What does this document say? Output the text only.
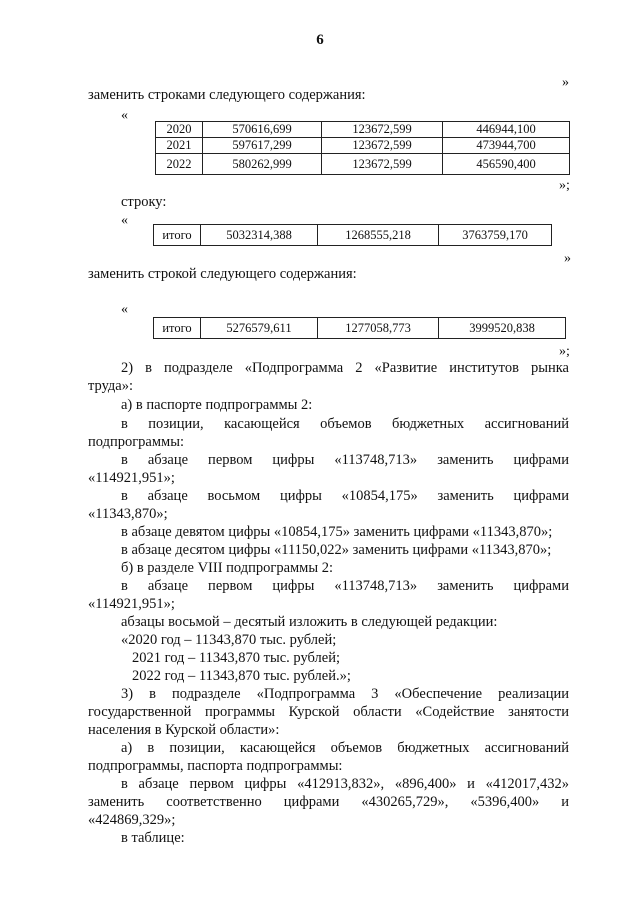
6
»
заменить строками следующего содержания:
«
2020	570616,699	123672,599	446944,100
2021	597617,299	123672,599	473944,700
2022	580262,999	123672,599	456590,400
»;
строку:
«
итого	5032314,388	1268555,218	3763759,170
»
заменить строкой следующего содержания:
«
итого	5276579,611	1277058,773	3999520,838
»;
2) в подразделе «Подпрограмма 2 «Развитие институтов рынка
труда»:
а) в паспорте подпрограммы 2:
в позиции, касающейся объемов бюджетных ассигнований
подпрограммы:
в абзаце первом цифры «113748,713» заменить цифрами
«114921,951»;
в абзаце восьмом цифры «10854,175» заменить цифрами
«11343,870»;
в абзаце девятом цифры «10854,175» заменить цифрами «11343,870»;
в абзаце десятом цифры «11150,022» заменить цифрами «11343,870»;
б) в разделе VIII подпрограммы 2:
в абзаце первом цифры «113748,713» заменить цифрами
«114921,951»;
абзацы восьмой – десятый изложить в следующей редакции:
«2020 год – 11343,870 тыс. рублей;
2021 год – 11343,870 тыс. рублей;
2022 год – 11343,870 тыс. рублей.»;
3) в подразделе «Подпрограмма 3 «Обеспечение реализации
государственной программы Курской области «Содействие занятости
населения в Курской области»:
а) в позиции, касающейся объемов бюджетных ассигнований
подпрограммы, паспорта подпрограммы:
в абзаце первом цифры «412913,832», «896,400» и «412017,432»
заменить соответственно цифрами «430265,729», «5396,400» и
«424869,329»;
в таблице:
